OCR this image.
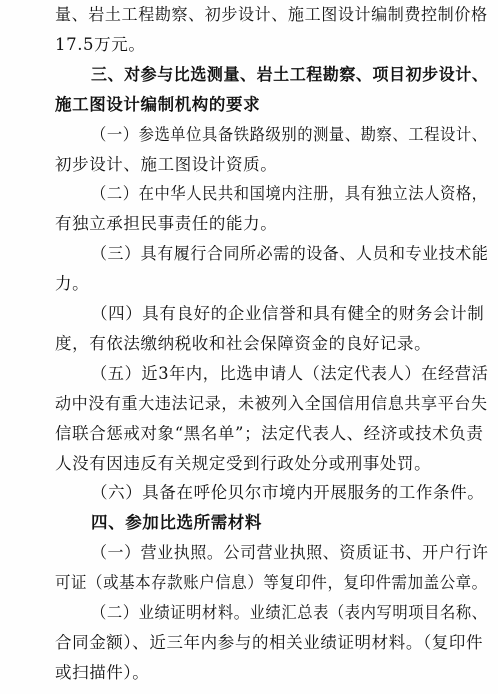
量、岩土工程勘察、初步设计、施工图设计编制费控制价格
17.5万元。
三、对参与比选测量、岩土工程勘察、项目初步设计、
施工图设计编制机构的要求
（一）参选单位具备铁路级别的测量、勘察、工程设计、
初步设计、施工图设计资质。
（二）在中华人民共和国境内注册，具有独立法人资格，
有独立承担民事责任的能力。
（三）具有履行合同所必需的设备、人员和专业技术能
力。
（四）具有良好的企业信誉和具有健全的财务会计制
度，有依法缴纳税收和社会保障资金的良好记录。
（五）近3年内，比选申请人（法定代表人）在经营活
动中没有重大违法记录，未被列入全国信用信息共享平台失
信联合惩戒对象“黑名单”；法定代表人、经济或技术负责
人没有因违反有关规定受到行政处分或刑事处罚。
（六）具备在呼伦贝尔市境内开展服务的工作条件。
四、参加比选所需材料
（一）营业执照。公司营业执照、资质证书、开户行许
可证（或基本存款账户信息）等复印件，复印件需加盖公章。
（二）业绩证明材料。业绩汇总表（表内写明项目名称、
合同金额）、近三年内参与的相关业绩证明材料。（复印件
或扫描件）。
